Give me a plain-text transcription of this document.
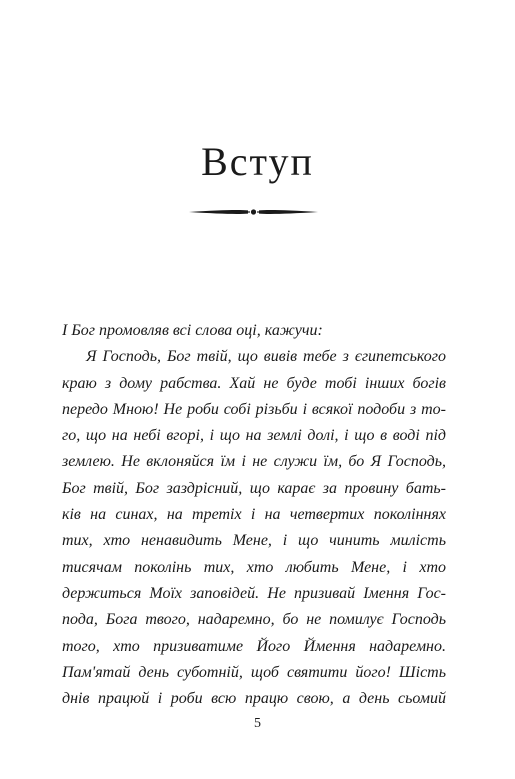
Вступ
І Бог промовляв всі слова оці, кажучи:
Я Господь, Бог твій, що вивів тебе з єгипетського
краю з дому рабства. Хай не буде тобі інших богів
передо Мною! Не роби собі різьби і всякої подоби з то-
го, що на небі вгорі, і що на землі долі, і що в воді під
землею. Не вклоняйся їм і не служи їм, бо Я Господь,
Бог твій, Бог заздрісний, що карає за провину бать-
ків на синах, на третіх і на четвертих поколіннях
тих, хто ненавидить Мене, і що чинить милість
тисячам поколінь тих, хто любить Мене, і хто
держиться Моїх заповідей. Не призивай Імення Гос-
пода, Бога твого, надаремно, бо не помилує Господь
того, хто призиватиме Його Ймення надаремно.
Пам'ятай день суботній, щоб святити його! Шість
днів працюй і роби всю працю свою, а день сьомий
5
